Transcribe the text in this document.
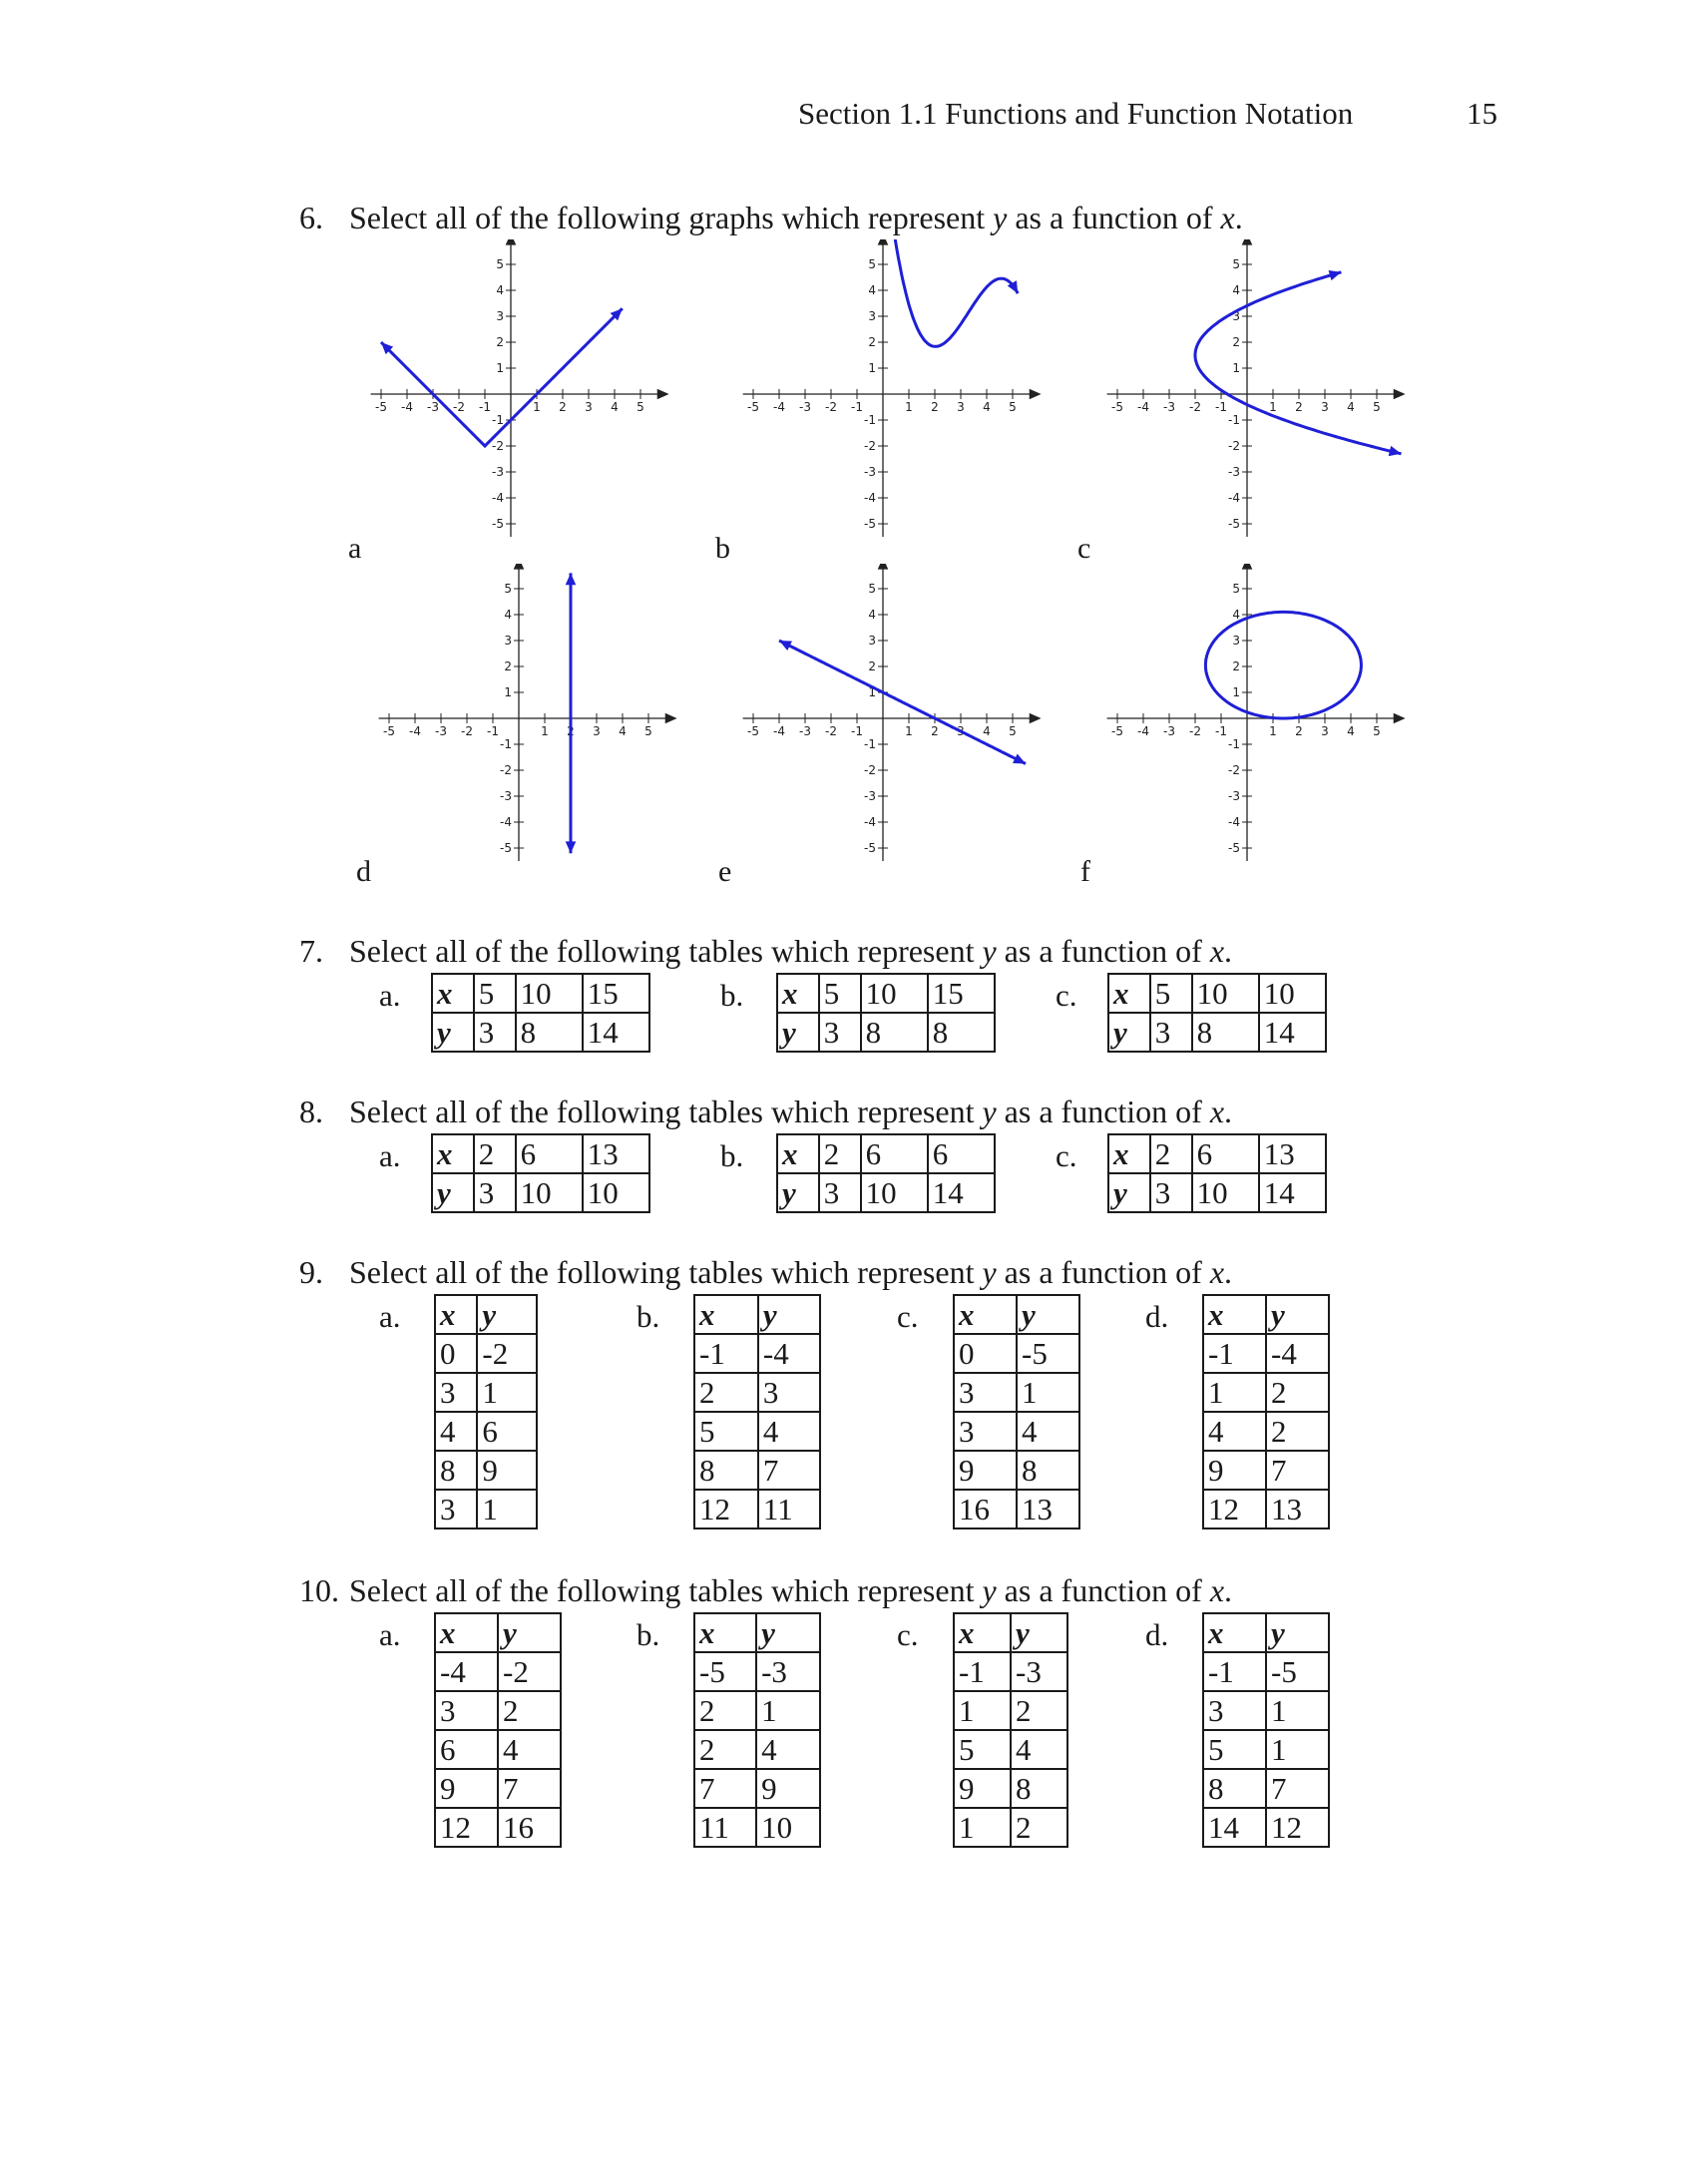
Section 1.1 Functions and Function Notation	15
6. Select all of the following graphs which represent y as a function of x.
-5 -4 -3 -2 -1	1 2 3 4 5
5
4
3
2
1
-1
-2
-3
-4
-5
-5 -4 -3 -2 -1	1 2 3 4 5
5
4
3
2
1
-1
-2
-3
-4
-5
-5 -4 -3 -2 -1	1 2 3 4 5
5
4
3
2
1
-1
-2
-3
-4
-5
-5 -4 -3 -2 -1	1 2 3 4 5
5
4
3
2
1
-1
-2
-3
-4
-5
-5 -4 -3 -2 -1	1 2 3 4 5
5
4
3
2
1
-1
-2
-3
-4
-5
-5 -4 -3 -2 -1	1 2 3 4 5
5
4
3
2
1
-1
-2
-3
-4
-5
a	b	c
d	e	f
7. Select all of the following tables which represent y as a function of x.
a.	b.	c.
x	5	10	15
y	3	8	14
x	5	10	15
y	3	8	8
x	5	10	10
y	3	8	14
8. Select all of the following tables which represent y as a function of x.
a.	b.	c.
x	2	6	13
y	3	10	10
x	2	6	6
y	3	10	14
x	2	6	13
y	3	10	14
9. Select all of the following tables which represent y as a function of x.
a.	b.	c.	d.
x	y
0	-2
3	1
4	6
8	9
3	1
x	y
-1	-4
2	3
5	4
8	7
12	11
x	y
0	-5
3	1
3	4
9	8
16	13
x	y
-1	-4
1	2
4	2
9	7
12	13
10. Select all of the following tables which represent y as a function of x.
a.	b.	c.	d.
x	y
-4	-2
3	2
6	4
9	7
12	16
x	y
-5	-3
2	1
2	4
7	9
11	10
x	y
-1	-3
1	2
5	4
9	8
1	2
x	y
-1	-5
3	1
5	1
8	7
14	12
